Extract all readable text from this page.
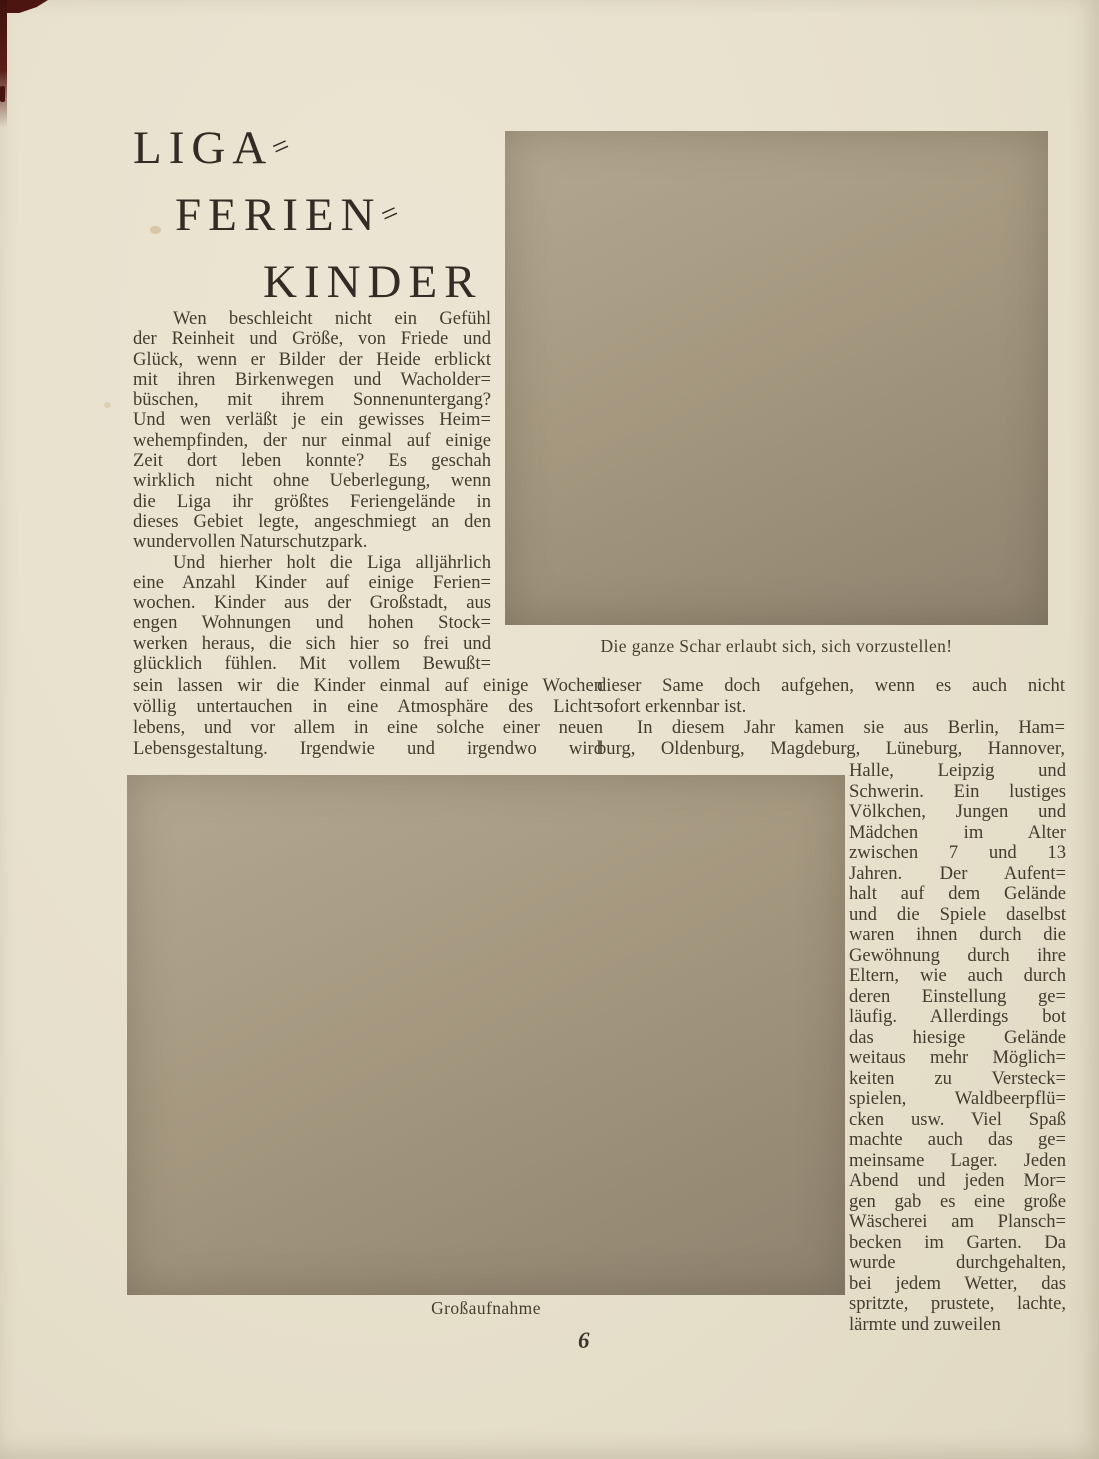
LIGA=
FERIEN=
KINDER
Die ganze Schar erlaubt sich, sich vorzustellen!
Wen beschleicht nicht ein Gefühl
der Reinheit und Größe, von Friede und
Glück, wenn er Bilder der Heide erblickt
mit ihren Birkenwegen und Wacholder=
büschen, mit ihrem Sonnenuntergang?
Und wen verläßt je ein gewisses Heim=
wehempfinden, der nur einmal auf einige
Zeit dort leben konnte? Es geschah
wirklich nicht ohne Ueberlegung, wenn
die Liga ihr größtes Feriengelände in
dieses Gebiet legte, angeschmiegt an den
wundervollen Naturschutzpark.
Und hierher holt die Liga alljährlich
eine Anzahl Kinder auf einige Ferien=
wochen. Kinder aus der Großstadt, aus
engen Wohnungen und hohen Stock=
werken heraus, die sich hier so frei und
glücklich fühlen. Mit vollem Bewußt=
sein lassen wir die Kinder einmal auf einige Wochen
völlig untertauchen in eine Atmosphäre des Licht=
lebens, und vor allem in eine solche einer neuen
Lebensgestaltung. Irgendwie und irgendwo wird
dieser Same doch aufgehen, wenn es auch nicht
sofort erkennbar ist.
In diesem Jahr kamen sie aus Berlin, Ham=
burg, Oldenburg, Magdeburg, Lüneburg, Hannover,
Halle, Leipzig und
Schwerin. Ein lustiges
Völkchen, Jungen und
Mädchen im Alter
zwischen 7 und 13
Jahren. Der Aufent=
halt auf dem Gelände
und die Spiele daselbst
waren ihnen durch die
Gewöhnung durch ihre
Eltern, wie auch durch
deren Einstellung ge=
läufig. Allerdings bot
das hiesige Gelände
weitaus mehr Möglich=
keiten zu Versteck=
spielen, Waldbeerpflü=
cken usw. Viel Spaß
machte auch das ge=
meinsame Lager. Jeden
Abend und jeden Mor=
gen gab es eine große
Wäscherei am Plansch=
becken im Garten. Da
wurde durchgehalten,
bei jedem Wetter, das
spritzte, prustete, lachte,
lärmte und zuweilen
Großaufnahme
6
